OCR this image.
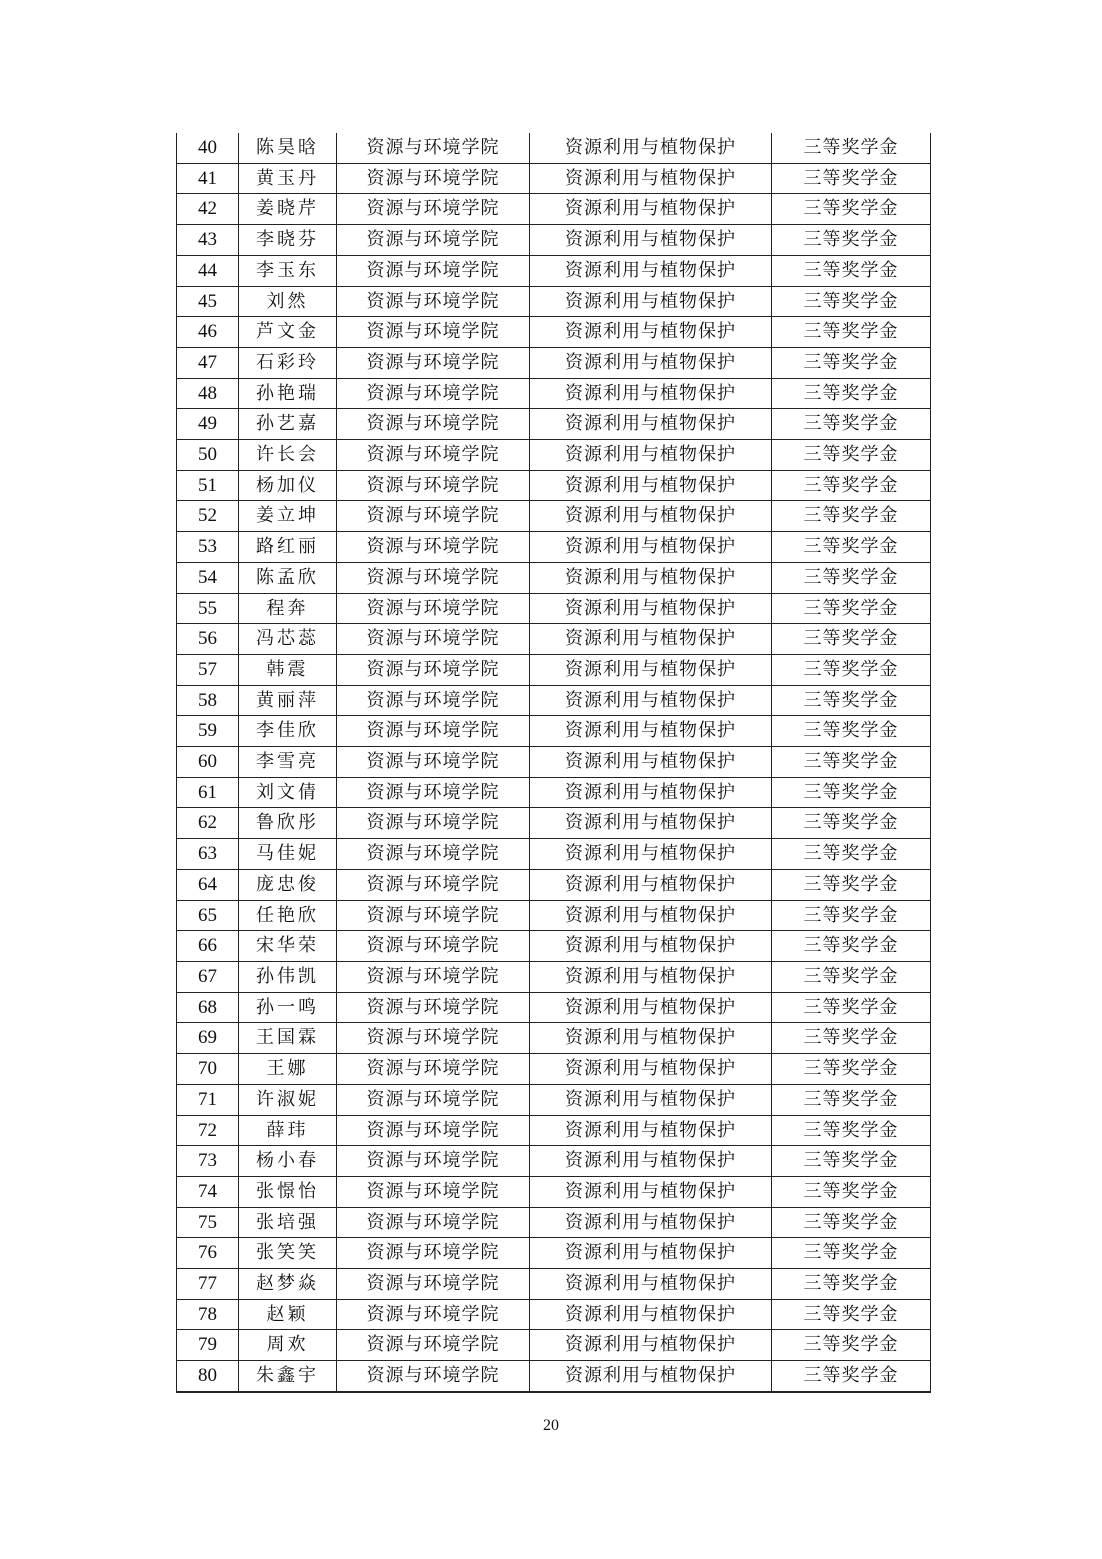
40	陈昊晗	资源与环境学院	资源利用与植物保护	三等奖学金
41	黄玉丹	资源与环境学院	资源利用与植物保护	三等奖学金
42	姜晓芹	资源与环境学院	资源利用与植物保护	三等奖学金
43	李晓芬	资源与环境学院	资源利用与植物保护	三等奖学金
44	李玉东	资源与环境学院	资源利用与植物保护	三等奖学金
45	刘然	资源与环境学院	资源利用与植物保护	三等奖学金
46	芦文金	资源与环境学院	资源利用与植物保护	三等奖学金
47	石彩玲	资源与环境学院	资源利用与植物保护	三等奖学金
48	孙艳瑞	资源与环境学院	资源利用与植物保护	三等奖学金
49	孙艺嘉	资源与环境学院	资源利用与植物保护	三等奖学金
50	许长会	资源与环境学院	资源利用与植物保护	三等奖学金
51	杨加仪	资源与环境学院	资源利用与植物保护	三等奖学金
52	姜立坤	资源与环境学院	资源利用与植物保护	三等奖学金
53	路红丽	资源与环境学院	资源利用与植物保护	三等奖学金
54	陈孟欣	资源与环境学院	资源利用与植物保护	三等奖学金
55	程奔	资源与环境学院	资源利用与植物保护	三等奖学金
56	冯芯蕊	资源与环境学院	资源利用与植物保护	三等奖学金
57	韩震	资源与环境学院	资源利用与植物保护	三等奖学金
58	黄丽萍	资源与环境学院	资源利用与植物保护	三等奖学金
59	李佳欣	资源与环境学院	资源利用与植物保护	三等奖学金
60	李雪亮	资源与环境学院	资源利用与植物保护	三等奖学金
61	刘文倩	资源与环境学院	资源利用与植物保护	三等奖学金
62	鲁欣彤	资源与环境学院	资源利用与植物保护	三等奖学金
63	马佳妮	资源与环境学院	资源利用与植物保护	三等奖学金
64	庞忠俊	资源与环境学院	资源利用与植物保护	三等奖学金
65	任艳欣	资源与环境学院	资源利用与植物保护	三等奖学金
66	宋华荣	资源与环境学院	资源利用与植物保护	三等奖学金
67	孙伟凯	资源与环境学院	资源利用与植物保护	三等奖学金
68	孙一鸣	资源与环境学院	资源利用与植物保护	三等奖学金
69	王国霖	资源与环境学院	资源利用与植物保护	三等奖学金
70	王娜	资源与环境学院	资源利用与植物保护	三等奖学金
71	许淑妮	资源与环境学院	资源利用与植物保护	三等奖学金
72	薛玮	资源与环境学院	资源利用与植物保护	三等奖学金
73	杨小春	资源与环境学院	资源利用与植物保护	三等奖学金
74	张憬怡	资源与环境学院	资源利用与植物保护	三等奖学金
75	张培强	资源与环境学院	资源利用与植物保护	三等奖学金
76	张笑笑	资源与环境学院	资源利用与植物保护	三等奖学金
77	赵梦焱	资源与环境学院	资源利用与植物保护	三等奖学金
78	赵颖	资源与环境学院	资源利用与植物保护	三等奖学金
79	周欢	资源与环境学院	资源利用与植物保护	三等奖学金
80	朱鑫宇	资源与环境学院	资源利用与植物保护	三等奖学金
20
